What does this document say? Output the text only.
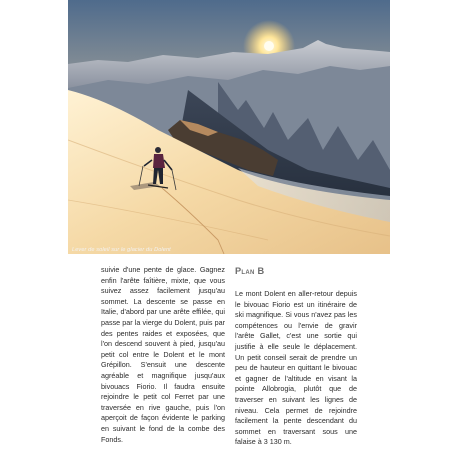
Lever de soleil sur le glacier du Dolent
suivie d'une pente de glace. Gagnez enfin l'arête faîtière, mixte, que vous suivez assez facilement jusqu'au sommet. La descente se passe en Italie, d'abord par une arête effilée, qui passe par la vierge du Dolent, puis par des pentes raides et exposées, que l'on descend souvent à pied, jusqu'au petit col entre le Dolent et le mont Grépillon. S'ensuit une descente agréable et magnifique jusqu'aux bivouacs Fiorio. Il faudra ensuite rejoindre le petit col Ferret par une traversée en rive gauche, puis l'on aperçoit de façon évidente le parking en suivant le fond de la combe des Fonds.
Plan B
Le mont Dolent en aller-retour depuis le bivouac Fiorio est un itinéraire de ski magnifique. Si vous n'avez pas les compétences ou l'envie de gravir l'arête Gallet, c'est une sortie qui justifie à elle seule le déplacement. Un petit conseil serait de prendre un peu de hauteur en quittant le bivouac et gagner de l'altitude en visant la pointe Allobrogia, plutôt que de traverser en suivant les lignes de niveau. Cela permet de rejoindre facilement la pente descendant du sommet en traversant sous une falaise à 3 130 m.
